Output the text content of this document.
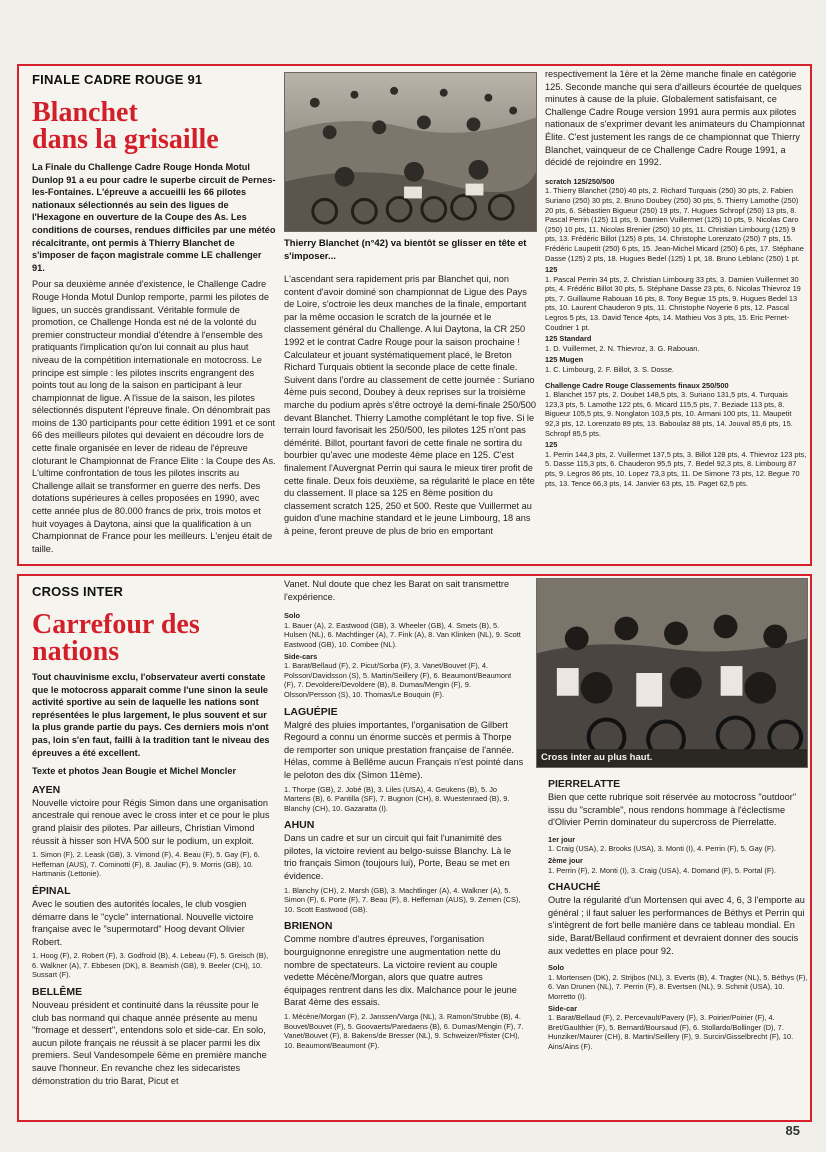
FINALE CADRE ROUGE 91
Blanchet
dans la grisaille

La Finale du Challenge Cadre Rouge Honda Motul Dunlop 91 a eu pour cadre le superbe circuit de Pernes-les-Fontaines. L'épreuve a accueilli les 66 pilotes nationaux sélectionnés au sein des ligues de l'Hexagone en ouverture de la Coupe des As. Les conditions de courses, rendues difficiles par une météo récalcitrante, ont permis à Thierry Blanchet de s'imposer de façon magistrale comme LE challenger 91.

Pour sa deuxième année d'existence, le Challenge Cadre Rouge Honda Motul Dunlop remporte, parmi les pilotes de ligues, un succès grandissant. Véritable formule de promotion, ce Challenge Honda est né de la volonté du premier constructeur mondial d'étendre à l'ensemble des pratiquants l'implication qu'on lui connait au plus haut niveau de la compétition internationale en motocross. Le principe est simple : les pilotes inscrits engrangent des points tout au long de la saison en participant à leur championnat de ligue. A l'issue de la saison, les pilotes sélectionnés disputent l'épreuve finale. On dénombrait pas moins de 130 participants pour cette édition 1991 et ce sont 66 des meilleurs pilotes qui devaient en découdre lors de cette finale organisée en lever de rideau de l'épreuve cloturant le Championnat de France Elite : la Coupe des As. L'ultime confrontation de tous les pilotes inscrits au Challenge allait se transformer en guerre des nerfs. Des dotations supérieures à celles proposées en 1990, avec cette année plus de 80.000 francs de prix, trois motos et huit voyages à Daytona, ainsi que la qualification à un Championnat de France pour les meilleurs. L'enjeu était de taille.

Thierry Blanchet (n°42) va bientôt se glisser en tête et s'imposer...

L'ascendant sera rapidement pris par Blanchet qui, non content d'avoir dominé son championnat de Ligue des Pays de Loire, s'octroie les deux manches de la finale, emportant par la même occasion le scratch de la journée et le classement général du Challenge. A lui Daytona, la CR 250 1992 et le contrat Cadre Rouge pour la saison prochaine ! Calculateur et jouant systématiquement placé, le Breton Richard Turquais obtient la seconde place de cette finale. Suivent dans l'ordre au classement de cette journée : Suriano 4ème puis second, Doubey à deux reprises sur la troisième marche du podium après s'être octroyé la demi-finale 250/500 devant Blanchet. Thierry Lamothe complétant le top five. Si le terrain lourd favorisait les 250/500, les pilotes 125 n'ont pas démérité. Billot, pourtant favori de cette finale ne sortira du bourbier qu'avec une modeste 4ème place en 125. C'est finalement l'Auvergnat Perrin qui saura le mieux tirer profit de cette finale. Deux fois deuxième, sa régularité le place en tête du classement. Il place sa 125 en 8ème position du classement scratch 125, 250 et 500. Reste que Vuillermet au guidon d'une machine standard et le jeune Limbourg, 18 ans à peine, feront preuve de plus de brio en emportant

respectivement la 1ère et la 2ème manche finale en catégorie 125. Seconde manche qui sera d'ailleurs écourtée de quelques minutes à cause de la pluie. Globalement satisfaisant, ce Challenge Cadre Rouge version 1991 aura permis aux pilotes nationaux de s'exprimer devant les animateurs du Championnat Élite. C'est justement les rangs de ce championnat que Thierry Blanchet, vainqueur de ce Challenge Cadre Rouge 1991, a décidé de rejoindre en 1992.

scratch 125/250/500

1. Thierry Blanchet (250) 40 pts, 2. Richard Turquais (250) 30 pts, 2. Fabien Suriano (250) 30 pts, 2. Bruno Doubey (250) 30 pts, 5. Thierry Lamothe (250) 20 pts, 6. Sébastien Bigueur (250) 19 pts, 7. Hugues Schropf (250) 13 pts, 8. Pascal Perrin (125) 11 pts, 9. Damien Vuillermet (125) 10 pts, 9. Nicolas Caro (250) 10 pts, 11. Nicolas Brenier (250) 10 pts, 11. Christian Limbourg (125) 9 pts, 13. Frédéric Billot (125) 8 pts, 14. Christophe Lorenzato (250) 7 pts, 15. Frédéric Laupetit (250) 6 pts, 15. Jean-Michel Micard (250) 6 pts, 17. Stéphane Dasse (125) 2 pts, 18. Hugues Bedel (125) 1 pt, 18. Bruno Leblanc (250) 1 pt.

125

1. Pascal Perrin 34 pts, 2. Christian Limbourg 33 pts, 3. Damien Vuillermet 30 pts, 4. Frédéric Billot 30 pts, 5. Stéphane Dasse 23 pts, 6. Nicolas Thievroz 19 pts, 7. Guillaume Rabouan 16 pts, 8. Tony Begue 15 pts, 9. Hugues Bedel 13 pts, 10. Laurent Chauderon 9 pts, 11. Christophe Noyerie 6 pts, 12. Pascal Legros 5 pts, 13. David Tence 4pts, 14. Mathieu Vos 3 pts, 15. Eric Pernet-Coudrier 1 pt.

125 Standard

1. D. Vuillermet, 2. N. Thievroz, 3. G. Rabouan.

125 Mugen

1. C. Limbourg, 2. F. Billot, 3. S. Dosse.

Challenge Cadre Rouge Classements finaux 250/500

1. Blanchet 157 pts, 2. Doubet 148,5 pts, 3. Suriano 131,5 pts, 4. Turquais 123,3 pts, 5. Lamothe 122 pts, 6. Micard 115,5 pts, 7. Beziade 113 pts, 8. Bigueur 105,5 pts, 9. Nonglaton 103,5 pts, 10. Armani 100 pts, 11. Maupetit 92,3 pts, 12. Lorenzato 89 pts, 13. Baboulaz 88 pts, 14. Jouval 85,6 pts, 15. Schropf 85,5 pts.

125

1. Perrin 144,3 pts, 2. Vuillermet 137,5 pts, 3. Billot 128 pts, 4. Thievroz 123 pts, 5. Dasse 115,3 pts, 6. Chauderon 95,5 pts, 7. Bedel 92,3 pts, 8. Limbourg 87 pts, 9. Legros 86 pts, 10. Lopez 73,3 pts, 11. De Simone 73 pts, 12. Begue 70 pts, 13. Tence 66,3 pts, 14. Janvier 63 pts, 15. Paget 62,5 pts.

CROSS INTER
Carrefour des nations

Tout chauvinisme exclu, l'observateur averti constate que le motocross apparait comme l'une sinon la seule activité sportive au sein de laquelle les nations sont représentées le plus largement, le plus souvent et sur la plus grande partie du pays. Ces derniers mois n'ont pas, loin s'en faut, failli à la tradition tant le niveau des épreuves a été excellent.

Texte et photos Jean Bougie et Michel Moncler
AYEN
Nouvelle victoire pour Régis Simon dans une organisation ancestrale qui renoue avec le cross inter et ce pour le plus grand plaisir des pilotes. Par ailleurs, Christian Vimond réussit à hisser son HVA 500 sur le podium, un exploit.
1. Simon (F), 2. Leask (GB), 3. Vimond (F), 4. Beau (F), 5. Gay (F), 6. Heffernan (AUS), 7. Cominotti (F), 8. Jauliac (F), 9. Morris (GB), 10. Hartmanis (Lettonie).
ÉPINAL
Avec le soutien des autorités locales, le club vosgien démarre dans le "cycle" international. Nouvelle victoire française avec le "supermotard" Hoog devant Olivier Robert.
1. Hoog (F), 2. Robert (F), 3. Godfroid (B), 4. Lebeau (F), 5. Greisch (B), 6. Walkner (A), 7. Ebbesen (DK), 8. Beamish (GB), 9. Beeler (CH), 10. Sussart (F).
BELLÊME
Nouveau président et continuité dans la réussite pour le club bas normand qui chaque année présente au menu "fromage et dessert", entendons solo et side-car. En solo, aucun pilote français ne réussit à se placer parmi les dix premiers. Seul Vandesompele 6ème en première manche sauve l'honneur. En revanche chez les sidecaristes démonstration du trio Barat, Picut et
Vanet. Nul doute que chez les Barat on sait transmettre l'expérience.
Solo

1. Bauer (A), 2. Eastwood (GB), 3. Wheeler (GB), 4. Smets (B), 5. Hulsen (NL), 6. Machtlinger (A), 7. Fink (A), 8. Van Klinken (NL), 9. Scott Eastwood (GB), 10. Combee (NL).

Side-cars

1. Barat/Bellaud (F), 2. Picut/Sorba (F), 3. Vanet/Bouvet (F), 4. Polsson/Davidsson (S), 5. Martin/Seillery (F), 6. Beaumont/Beaumont (F), 7. Devoldere/Devoldere (B), 8. Dumas/Mengin (F), 9. Olsson/Persson (S), 10. Thomas/Le Bouquin (F).

LAGUÉPIE
Malgré des pluies importantes, l'organisation de Gilbert Regourd a connu un énorme succès et permis à Thorpe de remporter son unique prestation française de l'année. Hélas, comme à Bellême aucun Français n'est pointé dans le peloton des dix (Simon 11ème).
1. Thorpe (GB), 2. Jobé (B), 3. Liles (USA), 4. Geukens (B), 5. Jo Martens (B), 6. Pantilla (SF), 7. Bugnon (CH), 8. Wuestenraed (B), 9. Blanchy (CH), 10. Gazaratta (I).
AHUN
Dans un cadre et sur un circuit qui fait l'unanimité des pilotes, la victoire revient au belgo-suisse Blanchy. Là le trio français Simon (toujours lui), Porte, Beau se met en évidence.
1. Blanchy (CH), 2. Marsh (GB), 3. Machtlinger (A), 4. Walkner (A), 5. Simon (F), 6. Porte (F), 7. Beau (F), 8. Heffernan (AUS), 9. Zemen (CS), 10. Scott Eastwood (GB).
BRIENON
Comme nombre d'autres épreuves, l'organisation bourguignonne enregistre une augmentation nette du nombre de spectateurs. La victoire revient au couple vedette Mécène/Morgan, alors que quatre autres équipages rentrent dans les dix. Malchance pour le jeune Barat 4ème des essais.
1. Mécène/Morgan (F), 2. Janssen/Varga (NL), 3. Ramon/Strubbe (B), 4. Bouvet/Bouvet (F), 5. Goovaerts/Paredaens (B), 6. Dumas/Mengin (F), 7. Vanet/Bouvet (F), 8. Bakens/de Bresser (NL), 9. Schweizer/Pfister (CH), 10. Beaumont/Beaumont (F).
Cross inter au plus haut.
PIERRELATTE
Bien que cette rubrique soit réservée au motocross "outdoor" issu du "scramble", nous rendons hommage à l'éclectisme d'Olivier Perrin dominateur du supercross de Pierrelatte.
1er jour

1. Craig (USA), 2. Brooks (USA), 3. Monti (I), 4. Perrin (F), 5. Gay (F).

2ème jour

1. Perrin (F), 2. Monti (I), 3. Craig (USA), 4. Domand (F), 5. Portal (F).

CHAUCHÉ
Outre la régularité d'un Mortensen qui avec 4, 6, 3 l'emporte au général ; il faut saluer les performances de Béthys et Perrin qui s'intègrent de fort belle manière dans ce tableau mondial. En side, Barat/Bellaud confirment et devraient donner des soucis aux vedettes en place pour 92.
Solo

1. Mortensen (DK), 2. Strijbos (NL), 3. Everts (B), 4. Tragter (NL), 5. Béthys (F), 6. Van Drunen (NL), 7. Perrin (F), 8. Evertsen (NL), 9. Schmit (USA), 10. Morretto (I).

Side-car

1. Barat/Bellaud (F), 2. Percevault/Pavery (F), 3. Poirier/Poirier (F), 4. Bret/Gaulthier (F), 5. Bernard/Boursaud (F), 6. Stollardo/Bollinger (D), 7. Hunziker/Maurer (CH), 8. Martin/Seillery (F), 9. Surcin/Gisselbrecht (F), 10. Ains/Ains (F).

85
